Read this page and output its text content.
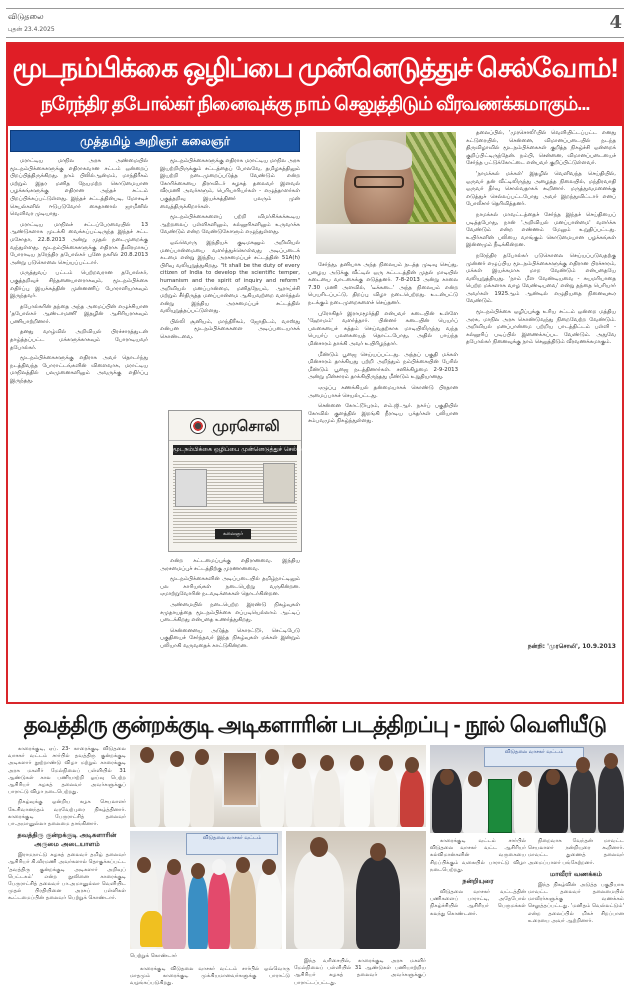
விடுதலை
புதன் 23.4.2025	4
மூடநம்பிக்கை ஒழிப்பை முன்னெடுத்துச் செல்வோம்!
நரேந்திர தபோல்கர் நினைவுக்கு நாம் செலுத்திடும் வீரவணக்கமாகும்...
முத்தமிழ் அறிஞர் கலைஞர்

மராட்டிய மாநில அரசு அண்மையில் மூடநம்பிக்கைகளுக்கு எதிராகவான சட்டம் ஒன்றைப் பிறப்பித்திருக்கிறது. நாம் பிலில்ஆன்மம், மாந்திரீகம் மற்றும் இதர மனித நேயமற்ற கொடுமையான பழக்கங்களுக்கு எதிரான அந்தச் சட்டம் பிறப்பிக்கப்பட்டுள்ளது. இந்தச் சட்டத்தின்படி, மோசடிச் செயல்களில் ஈடுபடுவோர் கைதானால் ஜாமீனில் வெளிவர முடியாது.

மராட்டிய மாநிலச் சட்டப்பேரவையில் 13 ஆண்டுகளாக முடக்கி வைக்கப்பட்டிருந்த இந்தச் சட்ட மசோதா, 22.8.2013 அன்று முதல் நடைமுறைக்கு வந்துள்ளது. மூடநம்பிக்கைகளுக்கு எதிராக தீவிரமாகப் போராடிய நரேந்திர தபோல்கர் புனே நகரில் 20.8.2013 அன்று படுகொலை செய்யப்பட்டார்.

மருத்துவப் பட்டம் பெற்றவரான தபோல்கர், பகுத்தறிவுச் சிந்தனையாளராகவும், மூடநம்பிக்கை எதிர்ப்பு இயக்கத்தின் முன்னணிப் போராளியாகவும் இருந்தவர்.

தபோல்கரின் தந்தை அந்த அமைப்பின் எழுச்சியான 'தபோல்கர் ஆண்டாமணி' இதழின் ஆசிரியராகவும் பணியாற்றினார்.

தனது வாழ்வில் அறிவியல் பிரச்சாரத்துடன் தாழ்த்தப்பட்ட மக்களுக்காகவும் போராடியவர் தபோல்கர்.

மூடநம்பிக்கைகளுக்கு எதிராக அவர் தொடர்ந்து நடத்திவந்த போராட்டங்களின் விளைவாக, மராட்டிய மாநிலத்தில் பலமுனைகளிலும் அவருக்கு எதிர்ப்பு இருந்தது.

மூடநம்பிக்கைகளுக்கு எதிராக மராட்டிய மாநில அரசு இயற்றியிருக்கும் சட்டத்தைப் போலவே, தமிழகத்திலும் இயற்றி நடைமுறைப்படுத்த வேண்டும் என்ற கோரிக்கையை திராவிடர் கழகத் தலைவர் இளவல் வீரமணி அவர்களும், பெரியாரியர்கள் - எழுத்தாளர்கள் பகுத்தறிவு இயக்கத்தினர் பலரும் முன் வைத்திருக்கிறார்கள்.

மூடநம்பிக்கைகளைப் பற்றி விமர்சிக்கக்கூடிய ஆற்றலைப் பள்ளிகளிலும், கல்லூரிகளிலும் உருவாக்க வேண்டும் என்ற வேண்டுகோளும் எழுந்துள்ளது.

ஒவ்வொரு இந்தியக் குடிமகனும் அறிவியல் மனப்பான்மையை வளர்த்துக்கொள்வது அடிப்படைக் கடமை என்று இந்திய அரசமைப்புச் சட்டத்தின் 51A(h) பிரிவு வலியுறுத்துகிறது. "It shall be the duty of every citizen of India to develop the scientific temper, humanism and the spirit of inquiry and reform" அறிவியல் மனப்பான்மை, மனிதநேயம், ஆராய்ச்சி மற்றும் சீர்திருத்த மனப்பான்மை ஆகியவற்றை வளர்த்தல் என்று இந்திய அரசமைப்புச் சட்டத்தில் வலியுறுத்தப்பட்டுள்ளது.

பில்லி சூனியம், மாந்திரீகம், ஜோதிடம், வாஸ்து என்பன மூடநம்பிக்கைகளை அடிப்படையாகக் கொண்டவை.

முரசொலி
மூடநம்பிக்கை ஒழிப்பை முன்னெடுத்துச் செல்வோம்
கலைஞர்

என்ற கட்டமைப்புக்கு எதிரானவை. இந்திய அரசமைப்புச் சட்டத்திற்கு முரணானவை.

மூடநம்பிக்கைகளின் அடிப்படையில் தமிழ்நாட்டிலும் பல காரியங்கள் நடைபெற்று வருகின்றன. ஏமாற்றுவோரின் நடவடிக்கைகள் தொடர்கின்றன.

அண்மையில் நடைபெற்ற இரண்டு நிகழ்வுகள் சமுதாயத்தை மூடநம்பிக்கை எப்படியெல்லாம் ஆட்டிப் படைக்கிறது என்பதை உணர்த்துகிறது.

சென்னையை அடுத்த கொரட்டூர், செட்டிபேடு பகுதியைச் சேர்ந்தவர் இந்த நிகழ்வுகள் மக்கள் இன்றும் பலியாகி வருவதைக் காட்டுகின்றன.

சேர்ந்து, தனியாக அந்த நிலையம் நடத்த முடிவு செய்து, பழைய அடுக்கு வீட்டில் ஒரு கட்டடத்தின் முதல் மாடியில் கடையை வாடகைக்கு எடுத்தனர். 7-8-2013 அன்று காலை 7.30 மணி அளவில், 'டீக்கடை' அந்த நிலையம் என்ற பெயரிடப்பட்டு, திறப்பு விழா நடைபெற்றது. உடன்பட்டு நடக்கும் நடைமுறைகளைச் செய்தனர்.

புரோகிதர் இராமமூர்த்தி என்பவர் கடையின் உள்ளே 'ஹோமம்' வளர்த்தார். பின்னர் கடையின் பெயர்ப் பலகையைச் சுத்தம் செய்வதற்காக மாடியிலிருந்து வந்த பெயர்ப் பலகையைத் தொட்டபோது, அதில் பாய்ந்த மின்சாரம் தாக்கி அவர் உயிரிழந்தார்.

மீண்டும் பூஜை செய்யப்பட்டது. அந்தப் பகுதி மக்கள் மின்சாரம் தாக்கியது பற்றி அறிந்தும் நம்பிக்கையின் பேரில் மீண்டும் பூஜை நடத்தினார்கள். சனிக்கிழமை 2-9-2013 அன்று மின்சாரம் தாக்கியிருந்தது மீண்டும் உறுதியானது.

ஏழுப்பு கணக்கியல் தன்மையாகக் கொண்டு பிரதான அமைப்பாகச் செயல்பட்டது.

சென்னை கோட்டூர்புரம், எம்.ஜி.ஆர். நகர்ப் பகுதியில் கோவில் குளத்தில் இறங்கி நீராடிய பக்தர்கள் பலியான சம்பவமும் நிகழ்ந்துள்ளது.

தலைப்பில், 'முரசொலி'யில் வெளியிட்டப்பட்ட எனது கட்டுரையில், சென்னை, விமானப்படையில் நடந்த திருவிழாவில் மூடநம்பிக்கைகள் குறித்த நிகழ்ச்சி ஒன்றைக் குறிப்பிட்டிருந்தேன். நம்பி, சென்னை, விமானப்படையைச் சேர்ந்த பட்டுக்கோட்டை என்பவர் குறிப்பிட்டுள்ளவர்.

'நாமக்கல் மக்கள்' இதழில் வெளிவந்த செய்தியில், ஒருவர் தன் வீட்டிலிருந்து அழைத்த நிலையில், மந்திரவாதி ஒருவர் தீர்வு சொல்வதாகக் கூறினார். மருத்துவமனைக்கு எடுத்துச் செல்லப்பட்டபோது அவர் இறந்துவிட்டார் எனப் போலீசார் தெரிவித்தனர்.

நாமக்கல் மாவட்டத்தைச் சேர்ந்த இந்தச் செய்தியைப் படித்தபோது, நான் 'அறிவியல் மனப்பான்மை' வளர்க்க வேண்டும் என்ற எண்ணம் மேலும் உறுதிப்பட்டது. உயிர்களின் பலியை வாங்கும் கொடுமையான பழக்கங்கள் இன்னமும் நீடிக்கின்றன.

நரேந்திர தபோல்கர் படுகொலை செய்யப்படுவதற்கு முன்னர் எழுப்பிய மூடநம்பிக்கைகளுக்கு எதிரான பிரச்சாரம், மக்கள் இயக்கமாக மாற வேண்டும் என்பதையே வலியுறுத்தியது. 'நாம் மீள வேண்டியவை - சுயமரியாதை பெற்ற மக்களாக வாழ வேண்டியவை' என்று தந்தை பெரியார் அவர்கள் 1925ஆம் ஆண்டில் எழுதியதை நினைவுகூர வேண்டும்.

மூடநம்பிக்கை ஒழிப்புக்கு உரிய சட்டம் ஒன்றை மத்திய அரசு, மாநில அரசு கொண்டுவந்து நிறைவேற்ற வேண்டும். அறிவியல் மனப்பான்மை பற்றிய பாடத்திட்டம் பள்ளி - கல்லூரிப் படிப்பில் இணைக்கப்பட வேண்டும். அதுவே தபோல்கர் நினைவுக்கு நாம் செலுத்திடும் வீரவணக்கமாகும்.

நன்றி: 'முரசொலி', 10.9.2013
தவத்திரு குன்றக்குடி அடிகளாரின் படத்திறப்பு - நூல் வெளியீடு

காரைக்குடி, ஏப். 23- காரைக்குடி விடுதலை வாசகர் வட்டம் சார்பில் தவத்திரு குன்றக்குடி அடிகளார் நூற்றாண்டு விழா மற்றும் காரைக்குடி அரசு மகளிர் மேல்நிலைப் பள்ளியில் 31 ஆண்டுகள் கால பணியாற்றி ஓய்வு பெற்ற ஆசிரியர் கழகத் தலைவர் அவர்களுக்குப் பாராட்டு விழா நடைபெற்றது.

நிகழ்வுக்கு ஒன்றிய கழக செயலாளர் கே.சிவானந்தம் வரவேற்புரை நிகழ்த்தினார். காரைக்குடி பேருராட்சித் தலைவர் பா.அமானுல்லா தலைமை தாங்கினார்.

தவத்திரு குன்றக்குடி அடிகளாரின் அருமை அடையாளம்

இராமநாட்டு கழகத் தலைவர் தமிழ் தலைவர் ஆசிரியர் கி.வீரமணி அவர்களால் தொகுக்கப்பட்ட 'தவத்திரு குன்றக்குடி அடிகளார் அறிவுப் பெட்டகம்' என்ற நூலினை காரைக்குடி பேருராட்சித் தலைவர் பா.அமானுல்லா வெளியிட முதல் பிரதியினை அரசுப் பள்ளிகள் கூட்டமைப்பின் தலைவர் பெற்றுக் கொண்டார்.

விடுதலை வாசகர் வட்டம்
விடுதலை வாசகர் வட்டம்
பெற்றுக் கொண்டார்

காரைக்குடி விடுதலை வாசகர் வட்டம் சார்பில் ஒவ்வொரு மாதமும் காரைக்குடி முக்கியமானவர்களுக்கு பாராட்டு வழங்கப்படுகிறது.

இந்த வரிசையில், காரைக்குடி அரசு மகளிர் மேல்நிலைப் பள்ளியில் 31 ஆண்டுகள் பணியாற்றிய ஆசிரியர் கழகத் தலைவர் அவர்களுக்குப் பாராட்டப்பட்டது.

காரைக்குடி வட்டம் சார்பில் விடுதலை வாசகர் வட்ட ஆசிரியர் கல்விமான்களின் வருகையை சிறப்பிக்கும் வகையில் பாராட்டு விழா நடைபெற்றது.

நன்றியுரை

விடுதலை வாசகர் வட்டத்தின் பணிகளைப் பாராட்டி, அதேபோல் நிகழ்ச்சியில் ஆசிரியர் பெருமக்கள் கலந்து கொண்டனர்.

நிறைவாக வேந்தன் மாவட்ட செயலாளர் நன்றியுரை கூறினார். மாவட்ட துணைத் தலைவர் அமைப்பாளர் பங்கேற்றனர்.

மாவீரர் வணக்கம்

இந்த நிகழ்வின் அடுத்த பகுதியாக மாவட்ட தலைவர் தலைமையில் மாவீரர்களுக்கு வணக்கம் செலுத்தப்பட்டது. 'மனிதம் வெல்லட்டும்' என்ற தலைப்பில் மிகச் சிறப்பான உரையை அவர் ஆற்றினார்.
